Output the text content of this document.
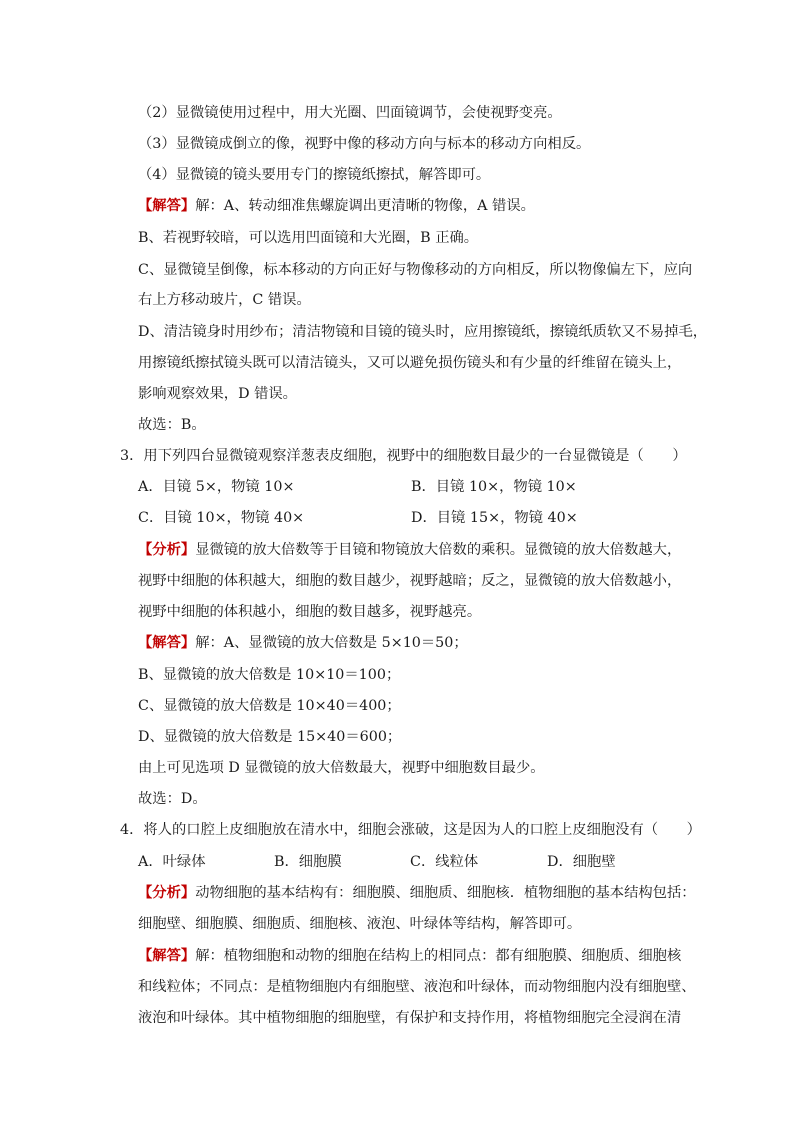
（2）显微镜使用过程中，用大光圈、凹面镜调节，会使视野变亮。
（3）显微镜成倒立的像，视野中像的移动方向与标本的移动方向相反。
（4）显微镜的镜头要用专门的擦镜纸擦拭，解答即可。
【解答】解：A、转动细准焦螺旋调出更清晰的物像，A 错误。
B、若视野较暗，可以选用凹面镜和大光圈，B 正确。
C、显微镜呈倒像，标本移动的方向正好与物像移动的方向相反，所以物像偏左下，应向
右上方移动玻片，C 错误。
D、清洁镜身时用纱布；清洁物镜和目镜的镜头时，应用擦镜纸，擦镜纸质软又不易掉毛，
用擦镜纸擦拭镜头既可以清洁镜头，又可以避免损伤镜头和有少量的纤维留在镜头上，
影响观察效果，D 错误。
故选：B。
3．用下列四台显微镜观察洋葱表皮细胞，视野中的细胞数目最少的一台显微镜是（　　）
A．目镜 5×，物镜 10×	B．目镜 10×，物镜 10×
C．目镜 10×，物镜 40×	D．目镜 15×，物镜 40×
【分析】显微镜的放大倍数等于目镜和物镜放大倍数的乘积。显微镜的放大倍数越大，
视野中细胞的体积越大，细胞的数目越少，视野越暗；反之，显微镜的放大倍数越小，
视野中细胞的体积越小，细胞的数目越多，视野越亮。
【解答】解：A、显微镜的放大倍数是 5×10＝50；
B、显微镜的放大倍数是 10×10＝100；
C、显微镜的放大倍数是 10×40＝400；
D、显微镜的放大倍数是 15×40＝600；
由上可见选项 D 显微镜的放大倍数最大，视野中细胞数目最少。
故选：D。
4．将人的口腔上皮细胞放在清水中，细胞会涨破，这是因为人的口腔上皮细胞没有（　　）
A．叶绿体	B．细胞膜	C．线粒体	D．细胞壁
【分析】动物细胞的基本结构有：细胞膜、细胞质、细胞核．植物细胞的基本结构包括：
细胞壁、细胞膜、细胞质、细胞核、液泡、叶绿体等结构，解答即可。
【解答】解：植物细胞和动物的细胞在结构上的相同点：都有细胞膜、细胞质、细胞核
和线粒体；不同点：是植物细胞内有细胞壁、液泡和叶绿体，而动物细胞内没有细胞壁、
液泡和叶绿体。其中植物细胞的细胞壁，有保护和支持作用，将植物细胞完全浸润在清
